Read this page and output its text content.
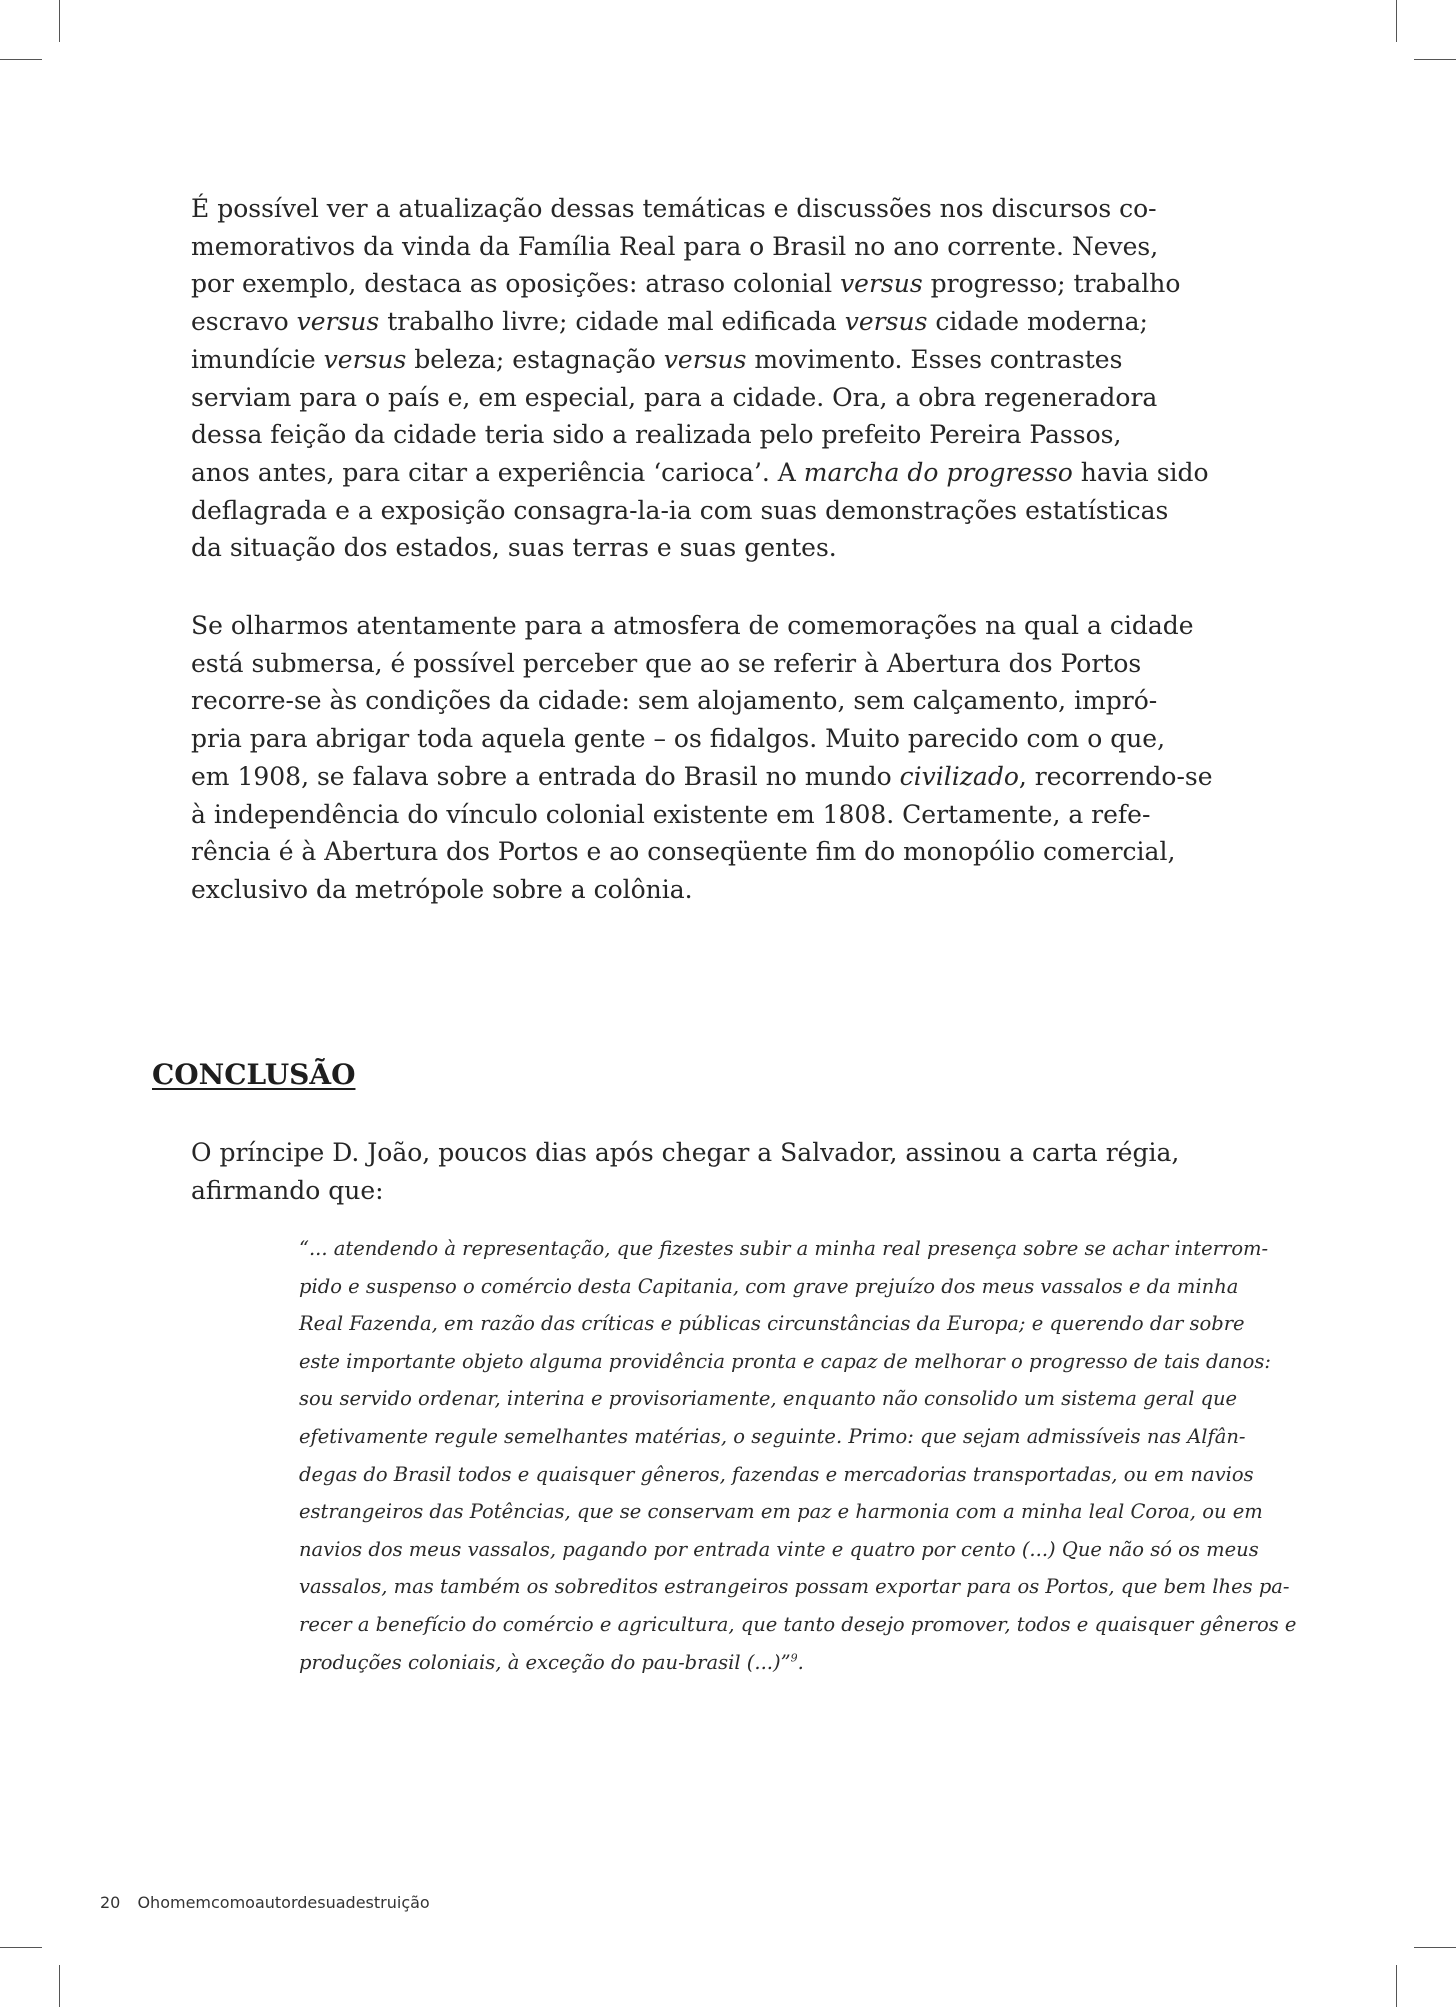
É possível ver a atualização dessas temáticas e discussões nos discursos co-
memorativos da vinda da Família Real para o Brasil no ano corrente. Neves,
por exemplo, destaca as oposições: atraso colonial versus progresso; trabalho
escravo versus trabalho livre; cidade mal edificada versus cidade moderna;
imundície versus beleza; estagnação versus movimento. Esses contrastes
serviam para o país e, em especial, para a cidade. Ora, a obra regeneradora
dessa feição da cidade teria sido a realizada pelo prefeito Pereira Passos,
anos antes, para citar a experiência ‘carioca’. A marcha do progresso havia sido
deflagrada e a exposição consagra-la-ia com suas demonstrações estatísticas
da situação dos estados, suas terras e suas gentes.
Se olharmos atentamente para a atmosfera de comemorações na qual a cidade
está submersa, é possível perceber que ao se referir à Abertura dos Portos
recorre-se às condições da cidade: sem alojamento, sem calçamento, impró-
pria para abrigar toda aquela gente – os fidalgos. Muito parecido com o que,
em 1908, se falava sobre a entrada do Brasil no mundo civilizado, recorrendo-se
à independência do vínculo colonial existente em 1808. Certamente, a refe-
rência é à Abertura dos Portos e ao conseqüente fim do monopólio comercial,
exclusivo da metrópole sobre a colônia.
CONCLUSÃO
O príncipe D. João, poucos dias após chegar a Salvador, assinou a carta régia,
afirmando que:
“... atendendo à representação, que fizestes subir a minha real presença sobre se achar interrom-
pido e suspenso o comércio desta Capitania, com grave prejuízo dos meus vassalos e da minha
Real Fazenda, em razão das críticas e públicas circunstâncias da Europa; e querendo dar sobre
este importante objeto alguma providência pronta e capaz de melhorar o progresso de tais danos:
sou servido ordenar, interina e provisoriamente, enquanto não consolido um sistema geral que
efetivamente regule semelhantes matérias, o seguinte. Primo: que sejam admissíveis nas Alfân-
degas do Brasil todos e quaisquer gêneros, fazendas e mercadorias transportadas, ou em navios
estrangeiros das Potências, que se conservam em paz e harmonia com a minha leal Coroa, ou em
navios dos meus vassalos, pagando por entrada vinte e quatro por cento (...) Que não só os meus
vassalos, mas também os sobreditos estrangeiros possam exportar para os Portos, que bem lhes pa-
recer a benefício do comércio e agricultura, que tanto desejo promover, todos e quaisquer gêneros e
produções coloniais, à exceção do pau-brasil (...)”$^9$.
20 Ohomemcomoautordesuadestruição
